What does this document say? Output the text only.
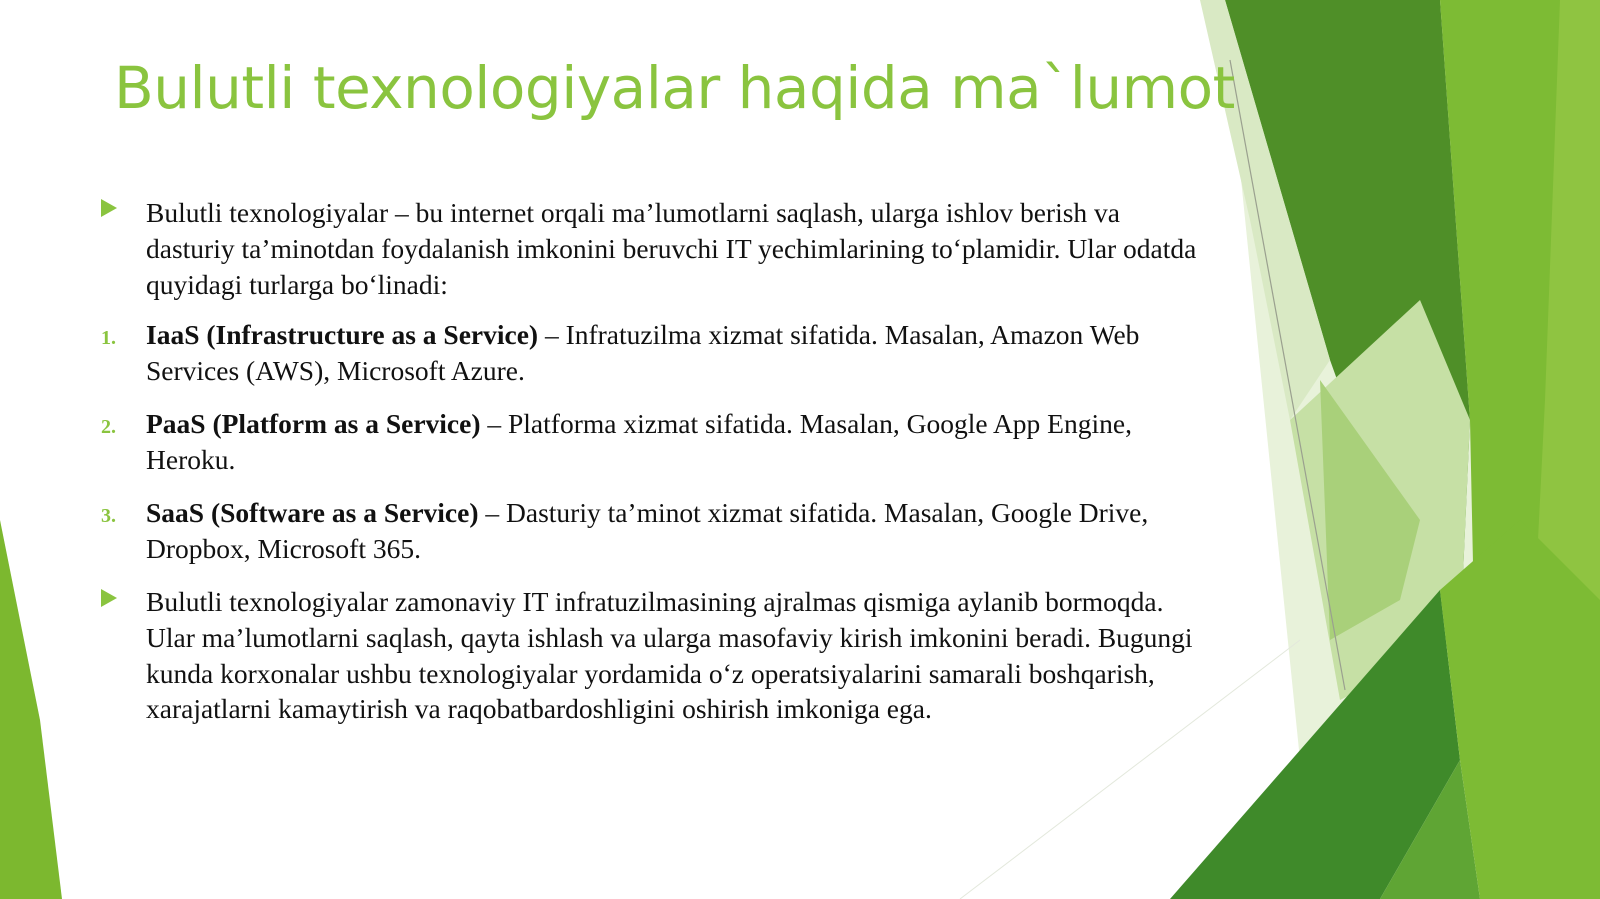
Bulutli texnologiyalar haqida ma`lumot
Bulutli texnologiyalar – bu internet orqali ma’lumotlarni saqlash, ularga ishlov berish va dasturiy ta’minotdan foydalanish imkonini beruvchi IT yechimlarining to‘plamidir. Ular odatda quyidagi turlarga bo‘linadi:
1. IaaS (Infrastructure as a Service) – Infratuzilma xizmat sifatida. Masalan, Amazon Web Services (AWS), Microsoft Azure.
2. PaaS (Platform as a Service) – Platforma xizmat sifatida. Masalan, Google App Engine, Heroku.
3. SaaS (Software as a Service) – Dasturiy ta’minot xizmat sifatida. Masalan, Google Drive, Dropbox, Microsoft 365.
Bulutli texnologiyalar zamonaviy IT infratuzilmasining ajralmas qismiga aylanib bormoqda. Ular ma’lumotlarni saqlash, qayta ishlash va ularga masofaviy kirish imkonini beradi. Bugungi kunda korxonalar ushbu texnologiyalar yordamida o‘z operatsiyalarini samarali boshqarish, xarajatlarni kamaytirish va raqobatbardoshligini oshirish imkoniga ega.
